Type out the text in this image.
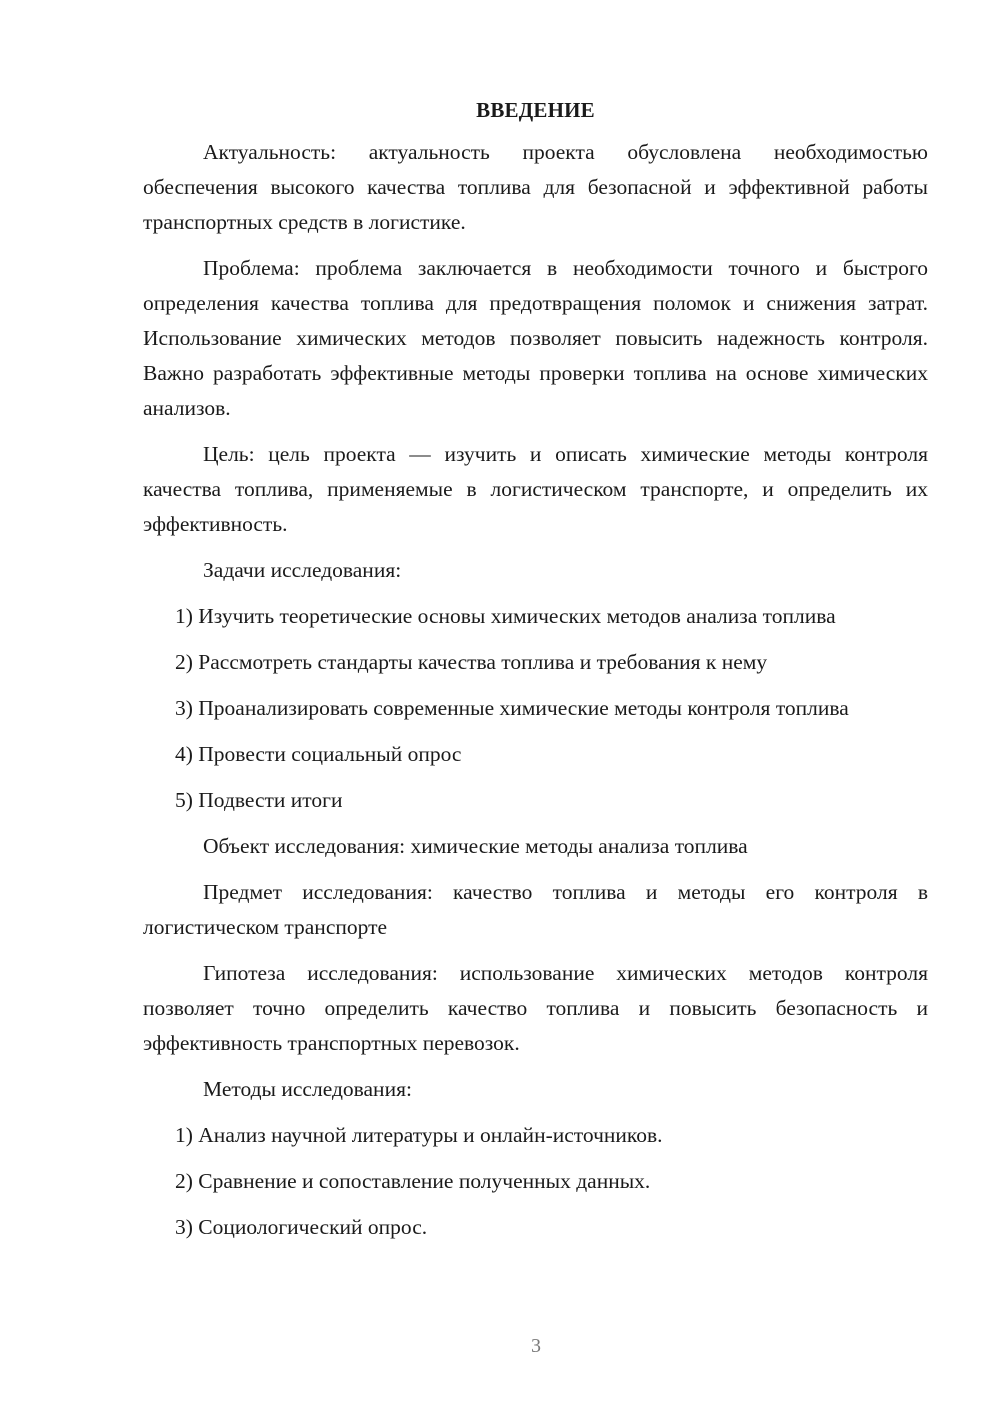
ВВЕДЕНИЕ

Актуальность: актуальность проекта обусловлена необходимостью обеспечения высокого качества топлива для безопасной и эффективной работы транспортных средств в логистике.

Проблема: проблема заключается в необходимости точного и быстрого определения качества топлива для предотвращения поломок и снижения затрат. Использование химических методов позволяет повысить надежность контроля. Важно разработать эффективные методы проверки топлива на основе химических анализов.

Цель: цель проекта — изучить и описать химические методы контроля качества топлива, применяемые в логистическом транспорте, и определить их эффективность.

Задачи исследования:

1) Изучить теоретические основы химических методов анализа топлива

2) Рассмотреть стандарты качества топлива и требования к нему

3) Проанализировать современные химические методы контроля топлива

4) Провести социальный опрос

5) Подвести итоги

Объект исследования: химические методы анализа топлива

Предмет исследования: качество топлива и методы его контроля в логистическом транспорте

Гипотеза исследования: использование химических методов контроля позволяет точно определить качество топлива и повысить безопасность и эффективность транспортных перевозок.

Методы исследования:

1) Анализ научной литературы и онлайн-источников.

2) Сравнение и сопоставление полученных данных.

3) Социологический опрос.

3
